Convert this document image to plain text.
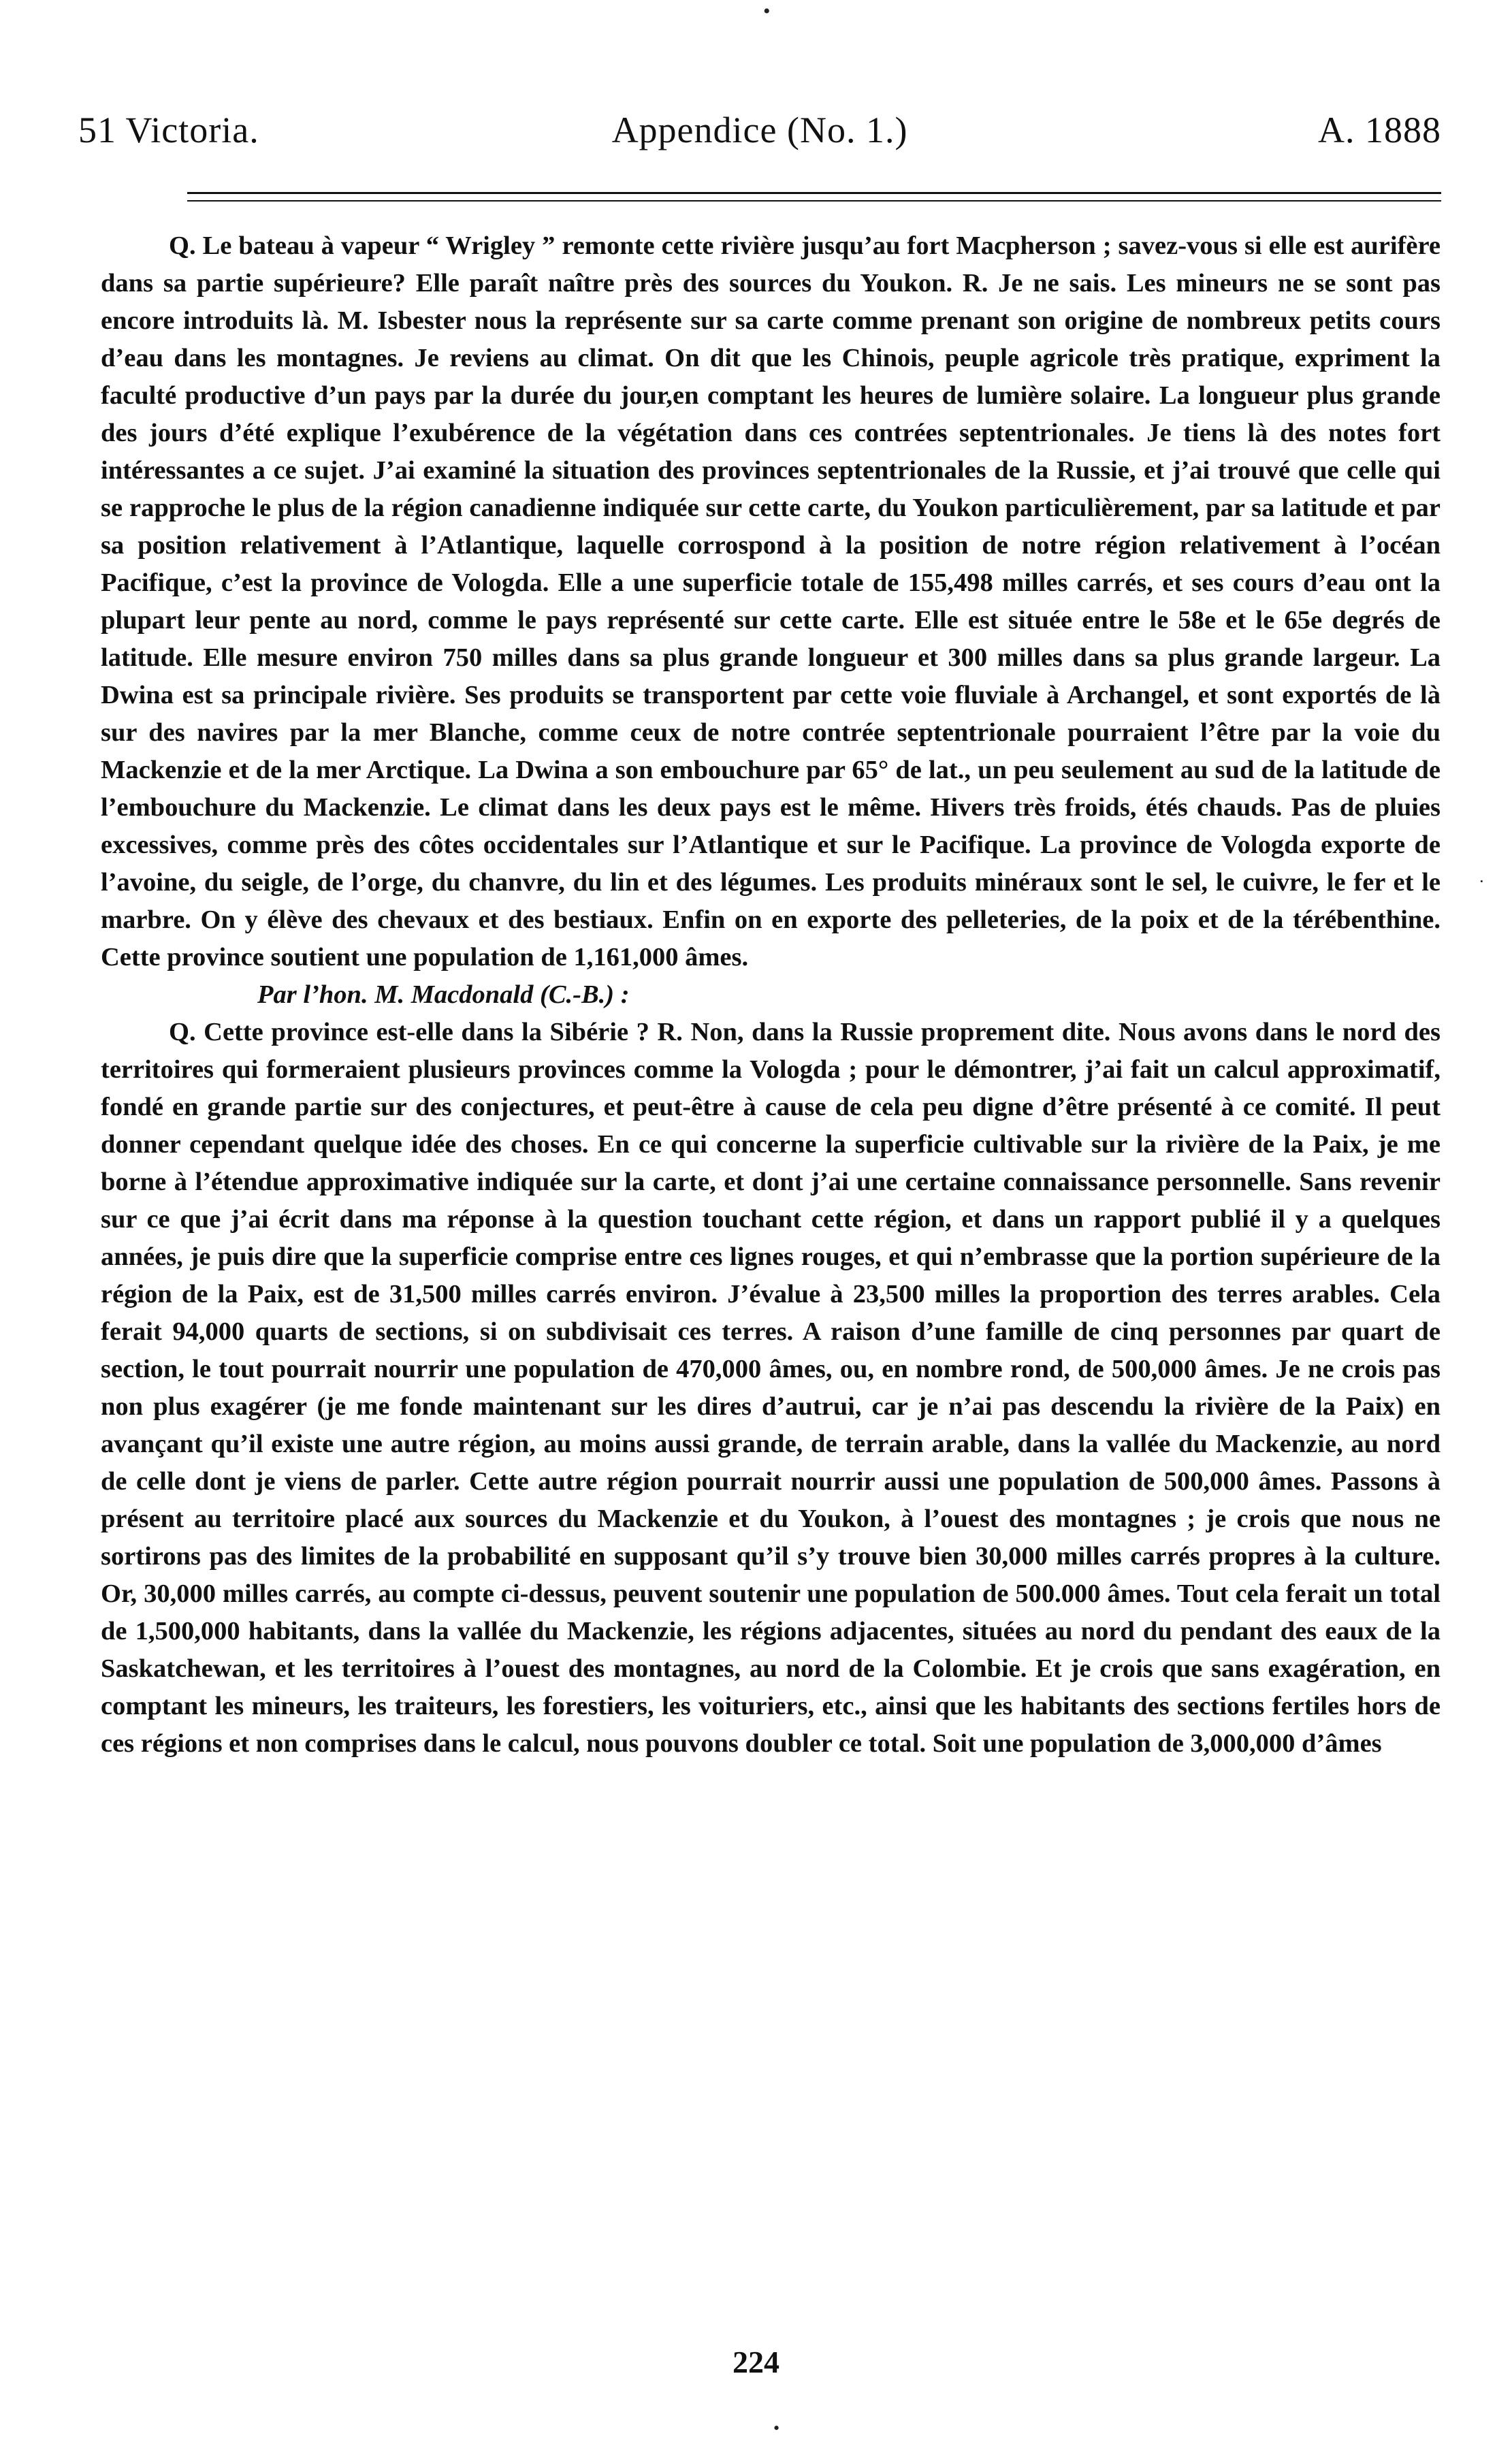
•
51 Victoria.	Appendice (No. 1.)	A. 1888

Q. Le bateau à vapeur “ Wrigley ” remonte cette rivière jusqu’au fort Macpherson ; savez-vous si elle est aurifère dans sa partie supérieure? Elle paraît naître près des sources du Youkon. R. Je ne sais. Les mineurs ne se sont pas encore introduits là. M. Isbester nous la représente sur sa carte comme prenant son origine de nombreux petits cours d’eau dans les montagnes. Je reviens au climat. On dit que les Chinois, peuple agricole très pratique, expriment la faculté productive d’un pays par la durée du jour,en comptant les heures de lumière solaire. La longueur plus grande des jours d’été explique l’exubérence de la végétation dans ces contrées septentrionales. Je tiens là des notes fort intéressantes a ce sujet. J’ai examiné la situation des provinces septentrionales de la Russie, et j’ai trouvé que celle qui se rapproche le plus de la région canadienne indiquée sur cette carte, du Youkon particulièrement, par sa latitude et par sa position relativement à l’Atlantique, laquelle corrospond à la position de notre région relativement à l’océan Pacifique, c’est la province de Vologda. Elle a une superficie totale de 155,498 milles carrés, et ses cours d’eau ont la plupart leur pente au nord, comme le pays représenté sur cette carte. Elle est située entre le 58e et le 65e degrés de latitude. Elle mesure environ 750 milles dans sa plus grande longueur et 300 milles dans sa plus grande largeur. La Dwina est sa principale rivière. Ses produits se transportent par cette voie fluviale à Archangel, et sont exportés de là sur des navires par la mer Blanche, comme ceux de notre contrée septentrionale pourraient l’être par la voie du Mackenzie et de la mer Arctique. La Dwina a son embouchure par 65° de lat., un peu seulement au sud de la latitude de l’embouchure du Mackenzie. Le climat dans les deux pays est le même. Hivers très froids, étés chauds. Pas de pluies excessives, comme près des côtes occidentales sur l’Atlantique et sur le Pacifique. La province de Vologda exporte de l’avoine, du seigle, de l’orge, du chanvre, du lin et des légumes. Les produits minéraux sont le sel, le cuivre, le fer et le marbre. On y élève des chevaux et des bestiaux. Enfin on en exporte des pelleteries, de la poix et de la térébenthine. Cette province soutient une population de 1,161,000 âmes.

Par l’hon. M. Macdonald (C.-B.) :

Q. Cette province est-elle dans la Sibérie ? R. Non, dans la Russie proprement dite. Nous avons dans le nord des territoires qui formeraient plusieurs provinces comme la Vologda ; pour le démontrer, j’ai fait un calcul approximatif, fondé en grande partie sur des conjectures, et peut-être à cause de cela peu digne d’être présenté à ce comité. Il peut donner cependant quelque idée des choses. En ce qui concerne la superficie cultivable sur la rivière de la Paix, je me borne à l’étendue approximative indiquée sur la carte, et dont j’ai une certaine connaissance personnelle. Sans revenir sur ce que j’ai écrit dans ma réponse à la question touchant cette région, et dans un rapport publié il y a quelques années, je puis dire que la superficie comprise entre ces lignes rouges, et qui n’embrasse que la portion supérieure de la région de la Paix, est de 31,500 milles carrés environ. J’évalue à 23,500 milles la proportion des terres arables. Cela ferait 94,000 quarts de sections, si on subdivisait ces terres. A raison d’une famille de cinq personnes par quart de section, le tout pourrait nourrir une population de 470,000 âmes, ou, en nombre rond, de 500,000 âmes. Je ne crois pas non plus exagérer (je me fonde maintenant sur les dires d’autrui, car je n’ai pas descendu la rivière de la Paix) en avançant qu’il existe une autre région, au moins aussi grande, de terrain arable, dans la vallée du Mackenzie, au nord de celle dont je viens de parler. Cette autre région pourrait nourrir aussi une population de 500,000 âmes. Passons à présent au territoire placé aux sources du Mackenzie et du Youkon, à l’ouest des montagnes ; je crois que nous ne sortirons pas des limites de la probabilité en supposant qu’il s’y trouve bien 30,000 milles carrés propres à la culture. Or, 30,000 milles carrés, au compte ci-dessus, peuvent soutenir une population de 500.000 âmes. Tout cela ferait un total de 1,500,000 habitants, dans la vallée du Mackenzie, les régions adjacentes, situées au nord du pendant des eaux de la Saskatchewan, et les territoires à l’ouest des montagnes, au nord de la Colombie. Et je crois que sans exagération, en comptant les mineurs, les traiteurs, les forestiers, les voituriers, etc., ainsi que les habitants des sections fertiles hors de ces régions et non comprises dans le calcul, nous pouvons doubler ce total. Soit une population de 3,000,000 d’âmes

·
224
•
